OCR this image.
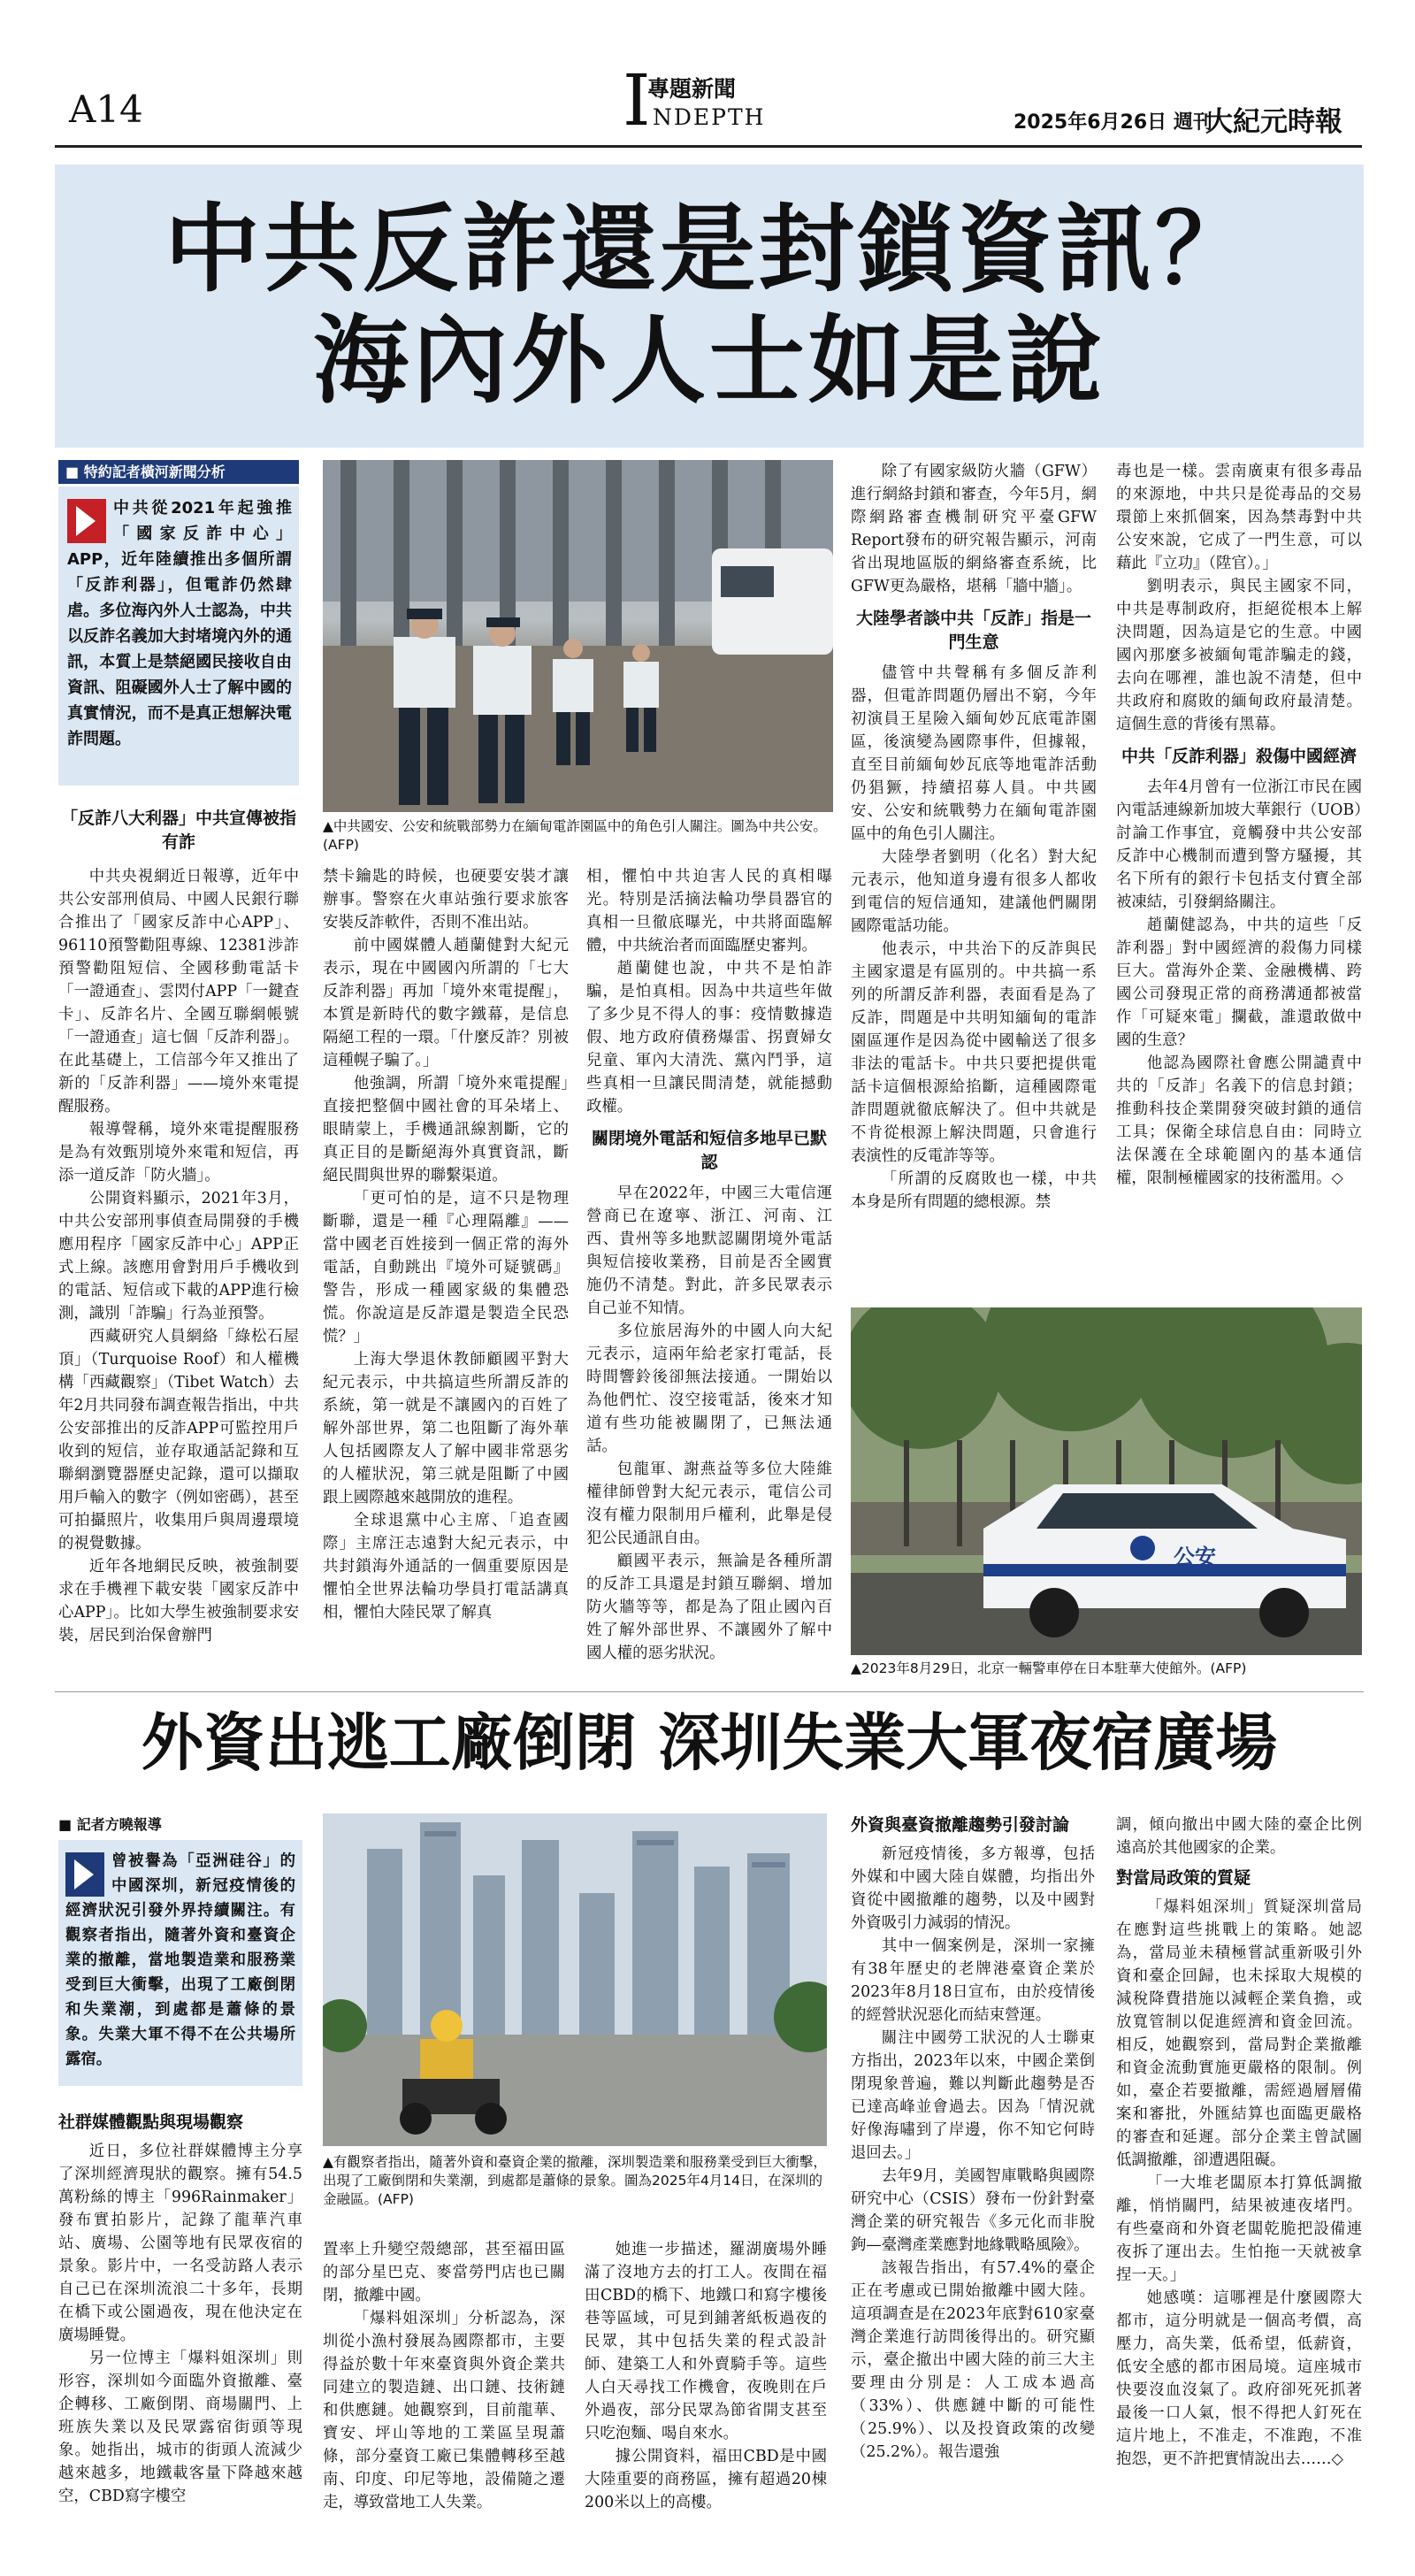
A14	專題新聞
I NDEPTH	2025年6月26日 週刊
大紀元時報
中共反詐還是封鎖資訊？
海內外人士如是說
■ 特約記者橫河新聞分析
中共從2021年起強推「國家反詐中心」APP，近年陸續推出多個所謂「反詐利器」，但電詐仍然肆虐。多位海內外人士認為，中共以反詐名義加大封堵境內外的通訊，本質上是禁絕國民接收自由資訊、阻礙國外人士了解中國的真實情況，而不是真正想解決電詐問題。
▲中共國安、公安和統戰部勢力在緬甸電詐園區中的角色引人關注。圖為中共公安。(AFP)
「反詐八大利器」中共宣傳被指有詐

中共央視網近日報導，近年中共公安部刑偵局、中國人民銀行聯合推出了「國家反詐中心APP」、96110預警勸阻專線、12381涉詐預警勸阻短信、全國移動電話卡「一證通查」、雲閃付APP「一鍵查卡」、反詐名片、全國互聯網帳號「一證通查」這七個「反詐利器」。在此基礎上，工信部今年又推出了新的「反詐利器」——境外來電提醒服務。

報導聲稱，境外來電提醒服務是為有效甄別境外來電和短信，再添一道反詐「防火牆」。

公開資料顯示，2021年3月，中共公安部刑事偵查局開發的手機應用程序「國家反詐中心」APP正式上線。該應用會對用戶手機收到的電話、短信或下載的APP進行檢測，識別「詐騙」行為並預警。

西藏研究人員網絡「綠松石屋頂」（Turquoise Roof）和人權機構「西藏觀察」（Tibet Watch）去年2月共同發布調查報告指出，中共公安部推出的反詐APP可監控用戶收到的短信，並存取通話記錄和互聯網瀏覽器歷史記錄，還可以擷取用戶輸入的數字（例如密碼），甚至可拍攝照片，收集用戶與周邊環境的視覺數據。

近年各地網民反映，被強制要求在手機裡下載安裝「國家反詐中心APP」。比如大學生被強制要求安裝，居民到治保會辦門

禁卡鑰匙的時候，也硬要安裝才讓辦事。警察在火車站強行要求旅客安裝反詐軟件，否則不准出站。

前中國媒體人趙蘭健對大紀元表示，現在中國國內所謂的「七大反詐利器」再加「境外來電提醒」，本質是新時代的數字鐵幕，是信息隔絕工程的一環。「什麼反詐？別被這種幌子騙了。」

他強調，所謂「境外來電提醒」直接把整個中國社會的耳朵堵上、眼睛蒙上，手機通訊線割斷，它的真正目的是斷絕海外真實資訊，斷絕民間與世界的聯繫渠道。

「更可怕的是，這不只是物理斷聯，還是一種『心理隔離』——當中國老百姓接到一個正常的海外電話，自動跳出『境外可疑號碼』警告，形成一種國家級的集體恐慌。你說這是反詐還是製造全民恐慌？」

上海大學退休教師顧國平對大紀元表示，中共搞這些所謂反詐的系統，第一就是不讓國內的百姓了解外部世界，第二也阻斷了海外華人包括國際友人了解中國非常惡劣的人權狀況，第三就是阻斷了中國跟上國際越來越開放的進程。

全球退黨中心主席、「追查國際」主席汪志遠對大紀元表示，中共封鎖海外通話的一個重要原因是懼怕全世界法輪功學員打電話講真相，懼怕大陸民眾了解真

相，懼怕中共迫害人民的真相曝光。特別是活摘法輪功學員器官的真相一旦徹底曝光，中共將面臨解體，中共統治者而面臨歷史審判。

趙蘭健也說，中共不是怕詐騙，是怕真相。因為中共這些年做了多少見不得人的事：疫情數據造假、地方政府債務爆雷、拐賣婦女兒童、軍內大清洗、黨內鬥爭，這些真相一旦讓民間清楚，就能撼動政權。

關閉境外電話和短信多地早已默認

早在2022年，中國三大電信運營商已在遼寧、浙江、河南、江西、貴州等多地默認關閉境外電話與短信接收業務，目前是否全國實施仍不清楚。對此，許多民眾表示自己並不知情。

多位旅居海外的中國人向大紀元表示，這兩年給老家打電話，長時間響鈴後卻無法接通。一開始以為他們忙、沒空接電話，後來才知道有些功能被關閉了，已無法通話。

包龍軍、謝燕益等多位大陸維權律師曾對大紀元表示，電信公司沒有權力限制用戶權利，此舉是侵犯公民通訊自由。

顧國平表示，無論是各種所謂的反詐工具還是封鎖互聯網、增加防火牆等等，都是為了阻止國內百姓了解外部世界、不讓國外了解中國人權的惡劣狀況。

除了有國家級防火牆（GFW）進行網絡封鎖和審查，今年5月，網際網路審查機制研究平臺GFW Report發布的研究報告顯示，河南省出現地區版的網絡審查系統，比GFW更為嚴格，堪稱「牆中牆」。

大陸學者談中共「反詐」指是一門生意

儘管中共聲稱有多個反詐利器，但電詐問題仍層出不窮，今年初演員王星險入緬甸妙瓦底電詐園區，後演變為國際事件，但據報，直至目前緬甸妙瓦底等地電詐活動仍猖獗，持續招募人員。中共國安、公安和統戰勢力在緬甸電詐園區中的角色引人關注。

大陸學者劉明（化名）對大紀元表示，他知道身邊有很多人都收到電信的短信通知，建議他們關閉國際電話功能。

他表示，中共治下的反詐與民主國家還是有區別的。中共搞一系列的所謂反詐利器，表面看是為了反詐，問題是中共明知緬甸的電詐園區運作是因為從中國輸送了很多非法的電話卡。中共只要把提供電話卡這個根源給掐斷，這種國際電詐問題就徹底解決了。但中共就是不肯從根源上解決問題，只會進行表演性的反電詐等等。

「所謂的反腐敗也一樣，中共本身是所有問題的總根源。禁

毒也是一樣。雲南廣東有很多毒品的來源地，中共只是從毒品的交易環節上來抓個案，因為禁毒對中共公安來說，它成了一門生意，可以藉此『立功』（陞官）。」

劉明表示，與民主國家不同，中共是專制政府，拒絕從根本上解決問題，因為這是它的生意。中國國內那麼多被緬甸電詐騙走的錢，去向在哪裡，誰也說不清楚，但中共政府和腐敗的緬甸政府最清楚。這個生意的背後有黑幕。

中共「反詐利器」殺傷中國經濟

去年4月曾有一位浙江市民在國內電話連線新加坡大華銀行（UOB）討論工作事宜，竟觸發中共公安部反詐中心機制而遭到警方騷擾，其名下所有的銀行卡包括支付寶全部被凍結，引發網絡關注。

趙蘭健認為，中共的這些「反詐利器」對中國經濟的殺傷力同樣巨大。當海外企業、金融機構、跨國公司發現正常的商務溝通都被當作「可疑來電」攔截，誰還敢做中國的生意？

他認為國際社會應公開譴責中共的「反詐」名義下的信息封鎖；推動科技企業開發突破封鎖的通信工具；保衛全球信息自由：同時立法保護在全球範圍內的基本通信權，限制極權國家的技術濫用。◇

公安
▲2023年8月29日，北京一輛警車停在日本駐華大使館外。(AFP)
外資出逃工廠倒閉 深圳失業大軍夜宿廣場
■ 記者方曉報導
曾被譽為「亞洲硅谷」的中國深圳，新冠疫情後的經濟狀況引發外界持續關注。有觀察者指出，隨著外資和臺資企業的撤離，當地製造業和服務業受到巨大衝擊，出現了工廠倒閉和失業潮，到處都是蕭條的景象。失業大軍不得不在公共場所露宿。
▲有觀察者指出，隨著外資和臺資企業的撤離，深圳製造業和服務業受到巨大衝擊，出現了工廠倒閉和失業潮，到處都是蕭條的景象。圖為2025年4月14日，在深圳的金融區。(AFP)

社群媒體觀點與現場觀察

近日，多位社群媒體博主分享了深圳經濟現狀的觀察。擁有54.5萬粉絲的博主「996Rainmaker」發布實拍影片，記錄了龍華汽車站、廣場、公園等地有民眾夜宿的景象。影片中，一名受訪路人表示自己已在深圳流浪二十多年，長期在橋下或公園過夜，現在他決定在廣場睡覺。

另一位博主「爆料姐深圳」則形容，深圳如今面臨外資撤離、臺企轉移、工廠倒閉、商場關門、上班族失業以及民眾露宿街頭等現象。她指出，城市的街頭人流減少越來越多，地鐵載客量下降越來越空，CBD寫字樓空

置率上升變空殼總部，甚至福田區的部分星巴克、麥當勞門店也已關閉，撤離中國。

「爆料姐深圳」分析認為，深圳從小漁村發展為國際都市，主要得益於數十年來臺資與外資企業共同建立的製造鏈、出口鏈、技術鏈和供應鏈。她觀察到，目前龍華、寶安、坪山等地的工業區呈現蕭條，部分臺資工廠已集體轉移至越南、印度、印尼等地，設備隨之遷走，導致當地工人失業。

她進一步描述，羅湖廣場外睡滿了沒地方去的打工人。夜間在福田CBD的橋下、地鐵口和寫字樓後巷等區域，可見到鋪著紙板過夜的民眾，其中包括失業的程式設計師、建築工人和外賣騎手等。這些人白天尋找工作機會，夜晚則在戶外過夜，部分民眾為節省開支甚至只吃泡麵、喝自來水。

據公開資料，福田CBD是中國大陸重要的商務區，擁有超過20棟200米以上的高樓。

外資與臺資撤離趨勢引發討論

新冠疫情後，多方報導，包括外媒和中國大陸自媒體，均指出外資從中國撤離的趨勢，以及中國對外資吸引力減弱的情況。

其中一個案例是，深圳一家擁有38年歷史的老牌港臺資企業於2023年8月18日宣布，由於疫情後的經營狀況惡化而結束營運。

關注中國勞工狀況的人士聯東方指出，2023年以來，中國企業倒閉現象普遍，難以判斷此趨勢是否已達高峰並會過去。因為「情況就好像海嘯到了岸邊，你不知它何時退回去。」

去年9月，美國智庫戰略與國際研究中心（CSIS）發布一份針對臺灣企業的研究報告《多元化而非脫鉤—臺灣產業應對地緣戰略風險》。

該報告指出，有57.4%的臺企正在考慮或已開始撤離中國大陸。這項調查是在2023年底對610家臺灣企業進行訪問後得出的。研究顯示，臺企撤出中國大陸的前三大主要理由分別是：人工成本過高（33%）、供應鏈中斷的可能性（25.9%）、以及投資政策的改變（25.2%）。報告還強

調，傾向撤出中國大陸的臺企比例遠高於其他國家的企業。

對當局政策的質疑

「爆料姐深圳」質疑深圳當局在應對這些挑戰上的策略。她認為，當局並未積極嘗試重新吸引外資和臺企回歸，也未採取大規模的減稅降費措施以減輕企業負擔，或放寬管制以促進經濟和資金回流。相反，她觀察到，當局對企業撤離和資金流動實施更嚴格的限制。例如，臺企若要撤離，需經過層層備案和審批，外匯結算也面臨更嚴格的審查和延遲。部分企業主曾試圖低調撤離，卻遭遇阻礙。

「一大堆老闆原本打算低調撤離，悄悄關門，結果被連夜堵門。有些臺商和外資老闆乾脆把設備連夜拆了運出去。生怕拖一天就被拿捏一天。」

她感嘆：這哪裡是什麼國際大都市，這分明就是一個高考價，高壓力，高失業，低希望，低薪資，低安全感的都市困局境。這座城市快要沒血沒氣了。政府卻死死抓著最後一口人氣，恨不得把人釘死在這片地上，不准走，不准跑，不准抱怨，更不許把實情說出去……◇
